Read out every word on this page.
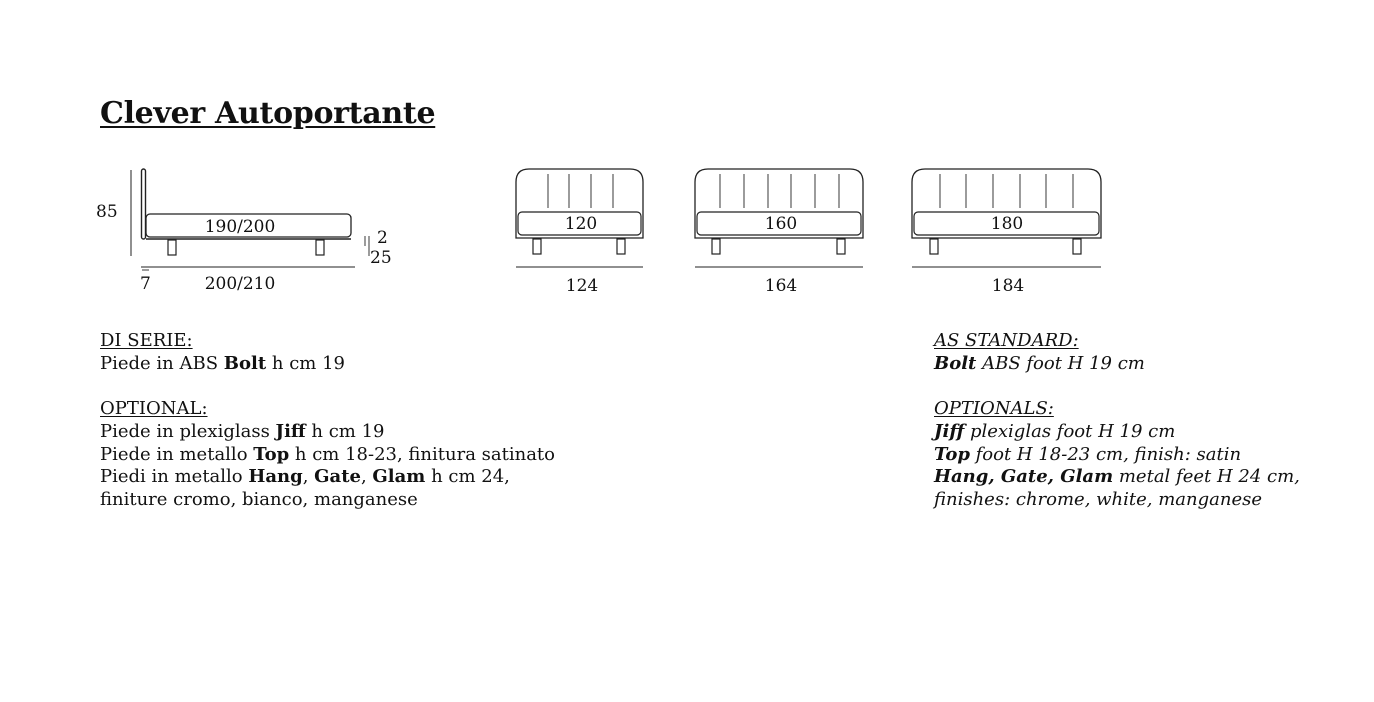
Clever Autoportante
85
190/200
7	200/210
2
25
120
124
160
164
180
184
DI SERIE:
Piede in ABS Bolt h cm 19
OPTIONAL:
Piede in plexiglass Jiff h cm 19
Piede in metallo Top h cm 18-23, finitura satinato
Piedi in metallo Hang, Gate, Glam h cm 24,
finiture cromo, bianco, manganese
AS STANDARD:
Bolt ABS foot H 19 cm
OPTIONALS:
Jiff plexiglas foot H 19 cm
Top foot H 18-23 cm, finish: satin
Hang, Gate, Glam metal feet H 24 cm,
finishes: chrome, white, manganese
